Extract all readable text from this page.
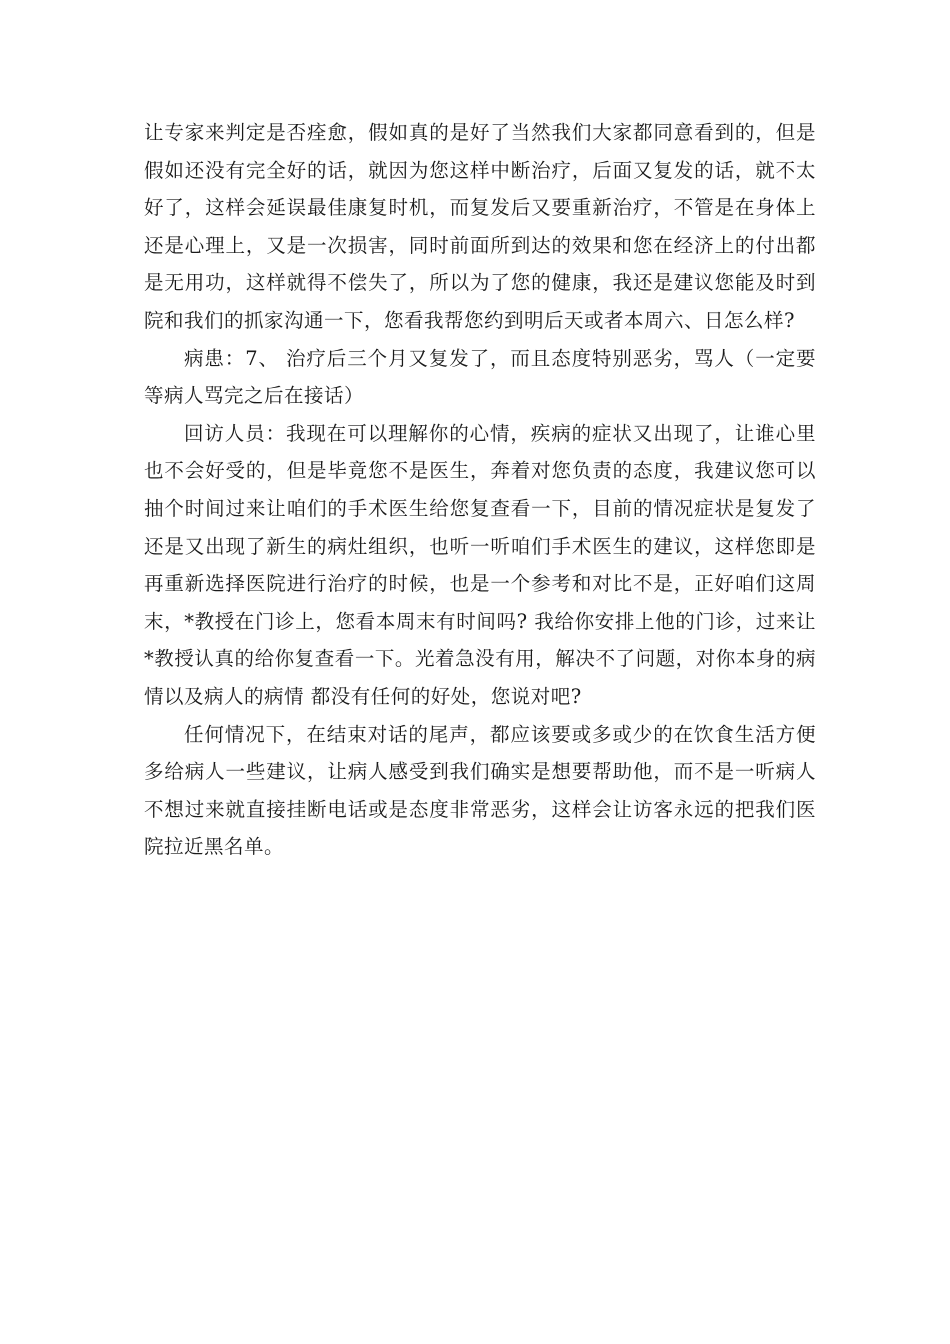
让专家来判定是否痊愈，假如真的是好了当然我们大家都同意看到的，但是假如还没有完全好的话，就因为您这样中断治疗，后面又复发的话，就不太好了，这样会延误最佳康复时机，而复发后又要重新治疗，不管是在身体上还是心理上，又是一次损害，同时前面所到达的效果和您在经济上的付出都是无用功，这样就得不偿失了，所以为了您的健康，我还是建议您能及时到院和我们的抓家沟通一下，您看我帮您约到明后天或者本周六、日怎么样?

病患：7、 治疗后三个月又复发了，而且态度特别恶劣，骂人（一定要等病人骂完之后在接话）

回访人员：我现在可以理解你的心情，疾病的症状又出现了，让谁心里也不会好受的，但是毕竟您不是医生，奔着对您负责的态度，我建议您可以抽个时间过来让咱们的手术医生给您复查看一下，目前的情况症状是复发了还是又出现了新生的病灶组织，也听一听咱们手术医生的建议，这样您即是再重新选择医院进行治疗的时候，也是一个参考和对比不是，正好咱们这周末，*教授在门诊上，您看本周末有时间吗? 我给你安排上他的门诊，过来让*教授认真的给你复查看一下。光着急没有用，解决不了问题，对你本身的病情以及病人的病情 都没有任何的好处，您说对吧?

任何情况下，在结束对话的尾声，都应该要或多或少的在饮食生活方便多给病人一些建议，让病人感受到我们确实是想要帮助他，而不是一听病人不想过来就直接挂断电话或是态度非常恶劣，这样会让访客永远的把我们医院拉近黑名单。
